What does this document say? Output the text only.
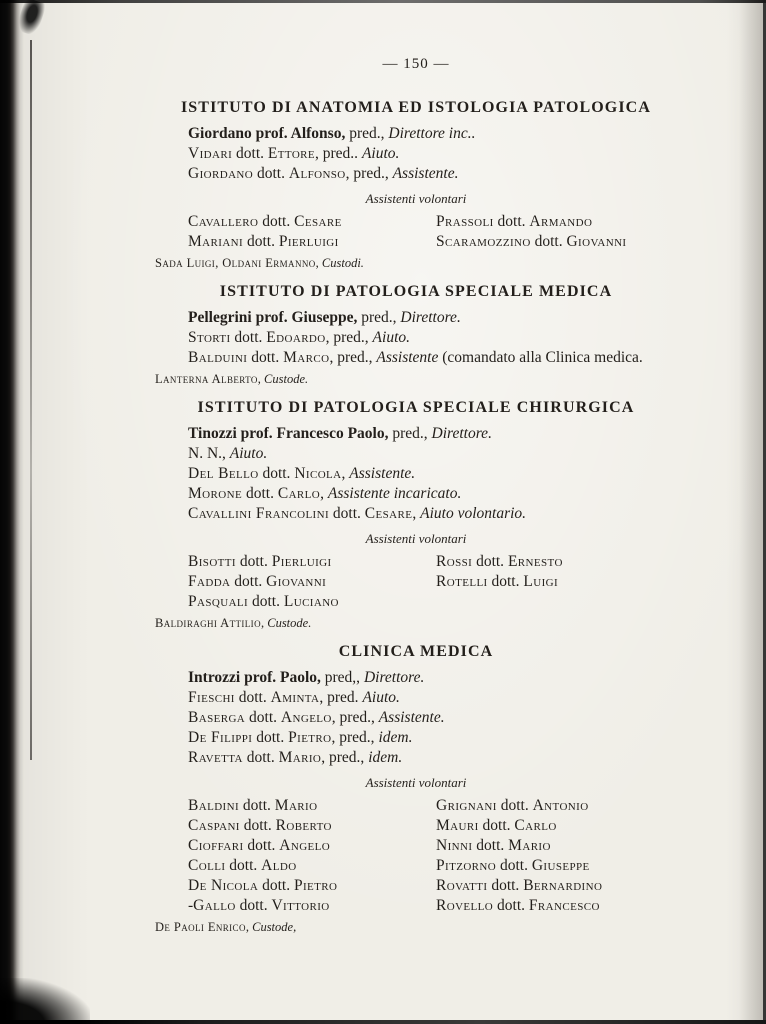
— 150 —
ISTITUTO DI ANATOMIA ED ISTOLOGIA PATOLOGICA

Giordano prof. Alfonso, pred., Direttore inc..

Vidari dott. Ettore, pred.. Aiuto.

Giordano dott. Alfonso, pred., Assistente.

Assistenti volontari

Cavallero dott. Cesare

Mariani dott. Pierluigi

Prassoli dott. Armando

Scaramozzino dott. Giovanni

Sada Luigi, Oldani Ermanno, Custodi.

ISTITUTO DI PATOLOGIA SPECIALE MEDICA

Pellegrini prof. Giuseppe, pred., Direttore.

Storti dott. Edoardo, pred., Aiuto.

Balduini dott. Marco, pred., Assistente (comandato alla Clinica medica.

Lanterna Alberto, Custode.

ISTITUTO DI PATOLOGIA SPECIALE CHIRURGICA

Tinozzi prof. Francesco Paolo, pred., Direttore.

N. N., Aiuto.

Del Bello dott. Nicola, Assistente.

Morone dott. Carlo, Assistente incaricato.

Cavallini Francolini dott. Cesare, Aiuto volontario.

Assistenti volontari

Bisotti dott. Pierluigi

Fadda dott. Giovanni

Pasquali dott. Luciano

Rossi dott. Ernesto

Rotelli dott. Luigi

Baldiraghi Attilio, Custode.

CLINICA MEDICA

Introzzi prof. Paolo, pred,, Direttore.

Fieschi dott. Aminta, pred. Aiuto.

Baserga dott. Angelo, pred., Assistente.

De Filippi dott. Pietro, pred., idem.

Ravetta dott. Mario, pred., idem.

Assistenti volontari

Baldini dott. Mario

Caspani dott. Roberto

Cioffari dott. Angelo

Colli dott. Aldo

De Nicola dott. Pietro

-Gallo dott. Vittorio

Grignani dott. Antonio

Mauri dott. Carlo

Ninni dott. Mario

Pitzorno dott. Giuseppe

Rovatti dott. Bernardino

Rovello dott. Francesco

De Paoli Enrico, Custode,
